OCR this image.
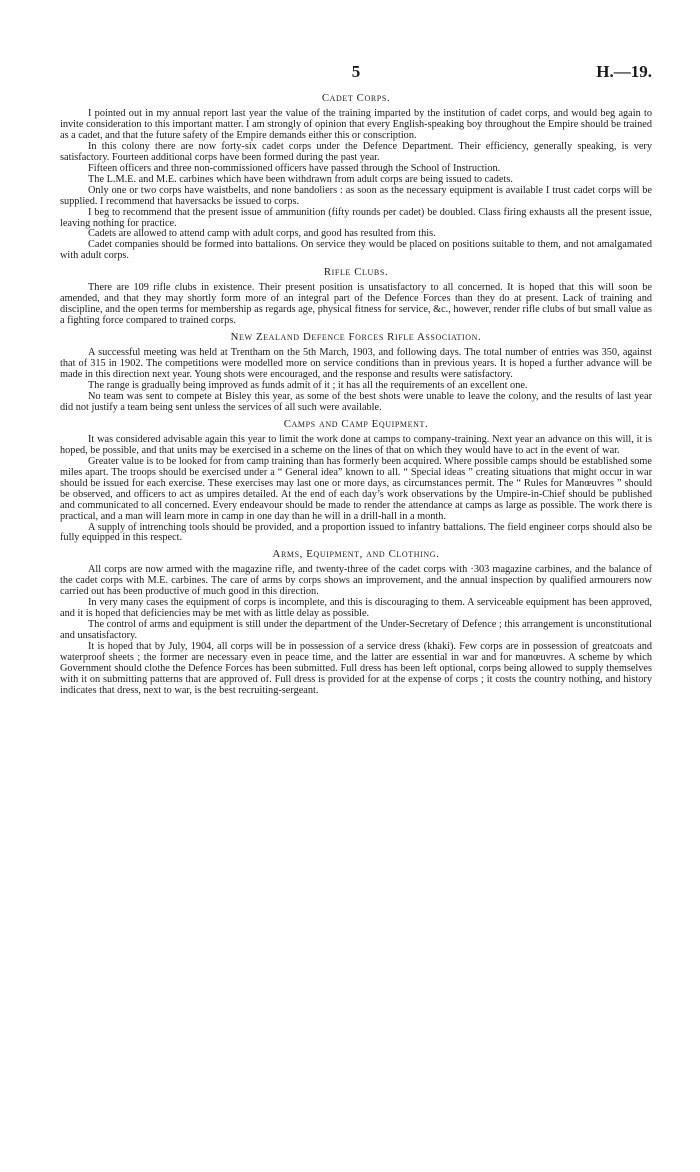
5	H.—19.
Cadet Corps.

I pointed out in my annual report last year the value of the training imparted by the institution of cadet corps, and would beg again to invite consideration to this important matter. I am strongly of opinion that every English-speaking boy throughout the Empire should be trained as a cadet, and that the future safety of the Empire demands either this or conscription.

In this colony there are now forty-six cadet corps under the Defence Department. Their efficiency, generally speaking, is very satisfactory. Fourteen additional corps have been formed during the past year.

Fifteen officers and three non-commissioned officers have passed through the School of Instruction.

The L.M.E. and M.E. carbines which have been withdrawn from adult corps are being issued to cadets.

Only one or two corps have waistbelts, and none bandoliers : as soon as the necessary equipment is available I trust cadet corps will be supplied. I recommend that haversacks be issued to corps.

I beg to recommend that the present issue of ammunition (fifty rounds per cadet) be doubled. Class firing exhausts all the present issue, leaving nothing for practice.

Cadets are allowed to attend camp with adult corps, and good has resulted from this.

Cadet companies should be formed into battalions. On service they would be placed on positions suitable to them, and not amalgamated with adult corps.

Rifle Clubs.

There are 109 rifle clubs in existence. Their present position is unsatisfactory to all concerned. It is hoped that this will soon be amended, and that they may shortly form more of an integral part of the Defence Forces than they do at present. Lack of training and discipline, and the open terms for membership as regards age, physical fitness for service, &c., however, render rifle clubs of but small value as a fighting force compared to trained corps.

New Zealand Defence Forces Rifle Association.

A successful meeting was held at Trentham on the 5th March, 1903, and following days. The total number of entries was 350, against that of 315 in 1902. The competitions were modelled more on service conditions than in previous years. It is hoped a further advance will be made in this direction next year. Young shots were encouraged, and the response and results were satisfactory.

The range is gradually being improved as funds admit of it ; it has all the requirements of an excellent one.

No team was sent to compete at Bisley this year, as some of the best shots were unable to leave the colony, and the results of last year did not justify a team being sent unless the services of all such were available.

Camps and Camp Equipment.

It was considered advisable again this year to limit the work done at camps to company-training. Next year an advance on this will, it is hoped, be possible, and that units may be exercised in a scheme on the lines of that on which they would have to act in the event of war.

Greater value is to be looked for from camp training than has formerly been acquired. Where possible camps should be established some miles apart. The troops should be exercised under a “ General idea” known to all. “ Special ideas ” creating situations that might occur in war should be issued for each exercise. These exercises may last one or more days, as circumstances permit. The “ Rules for Manœuvres ” should be observed, and officers to act as umpires detailed. At the end of each day’s work observations by the Umpire-in-Chief should be published and communicated to all concerned. Every endeavour should be made to render the attendance at camps as large as possible. The work there is practical, and a man will learn more in camp in one day than he will in a drill-hall in a month.

A supply of intrenching tools should be provided, and a proportion issued to infantry battalions. The field engineer corps should also be fully equipped in this respect.

Arms, Equipment, and Clothing.

All corps are now armed with the magazine rifle, and twenty-three of the cadet corps with ·303 magazine carbines, and the balance of the cadet corps with M.E. carbines. The care of arms by corps shows an improvement, and the annual inspection by qualified armourers now carried out has been productive of much good in this direction.

In very many cases the equipment of corps is incomplete, and this is discouraging to them. A serviceable equipment has been approved, and it is hoped that deficiencies may be met with as little delay as possible.

The control of arms and equipment is still under the department of the Under-Secretary of Defence ; this arrangement is unconstitutional and unsatisfactory.

It is hoped that by July, 1904, all corps will be in possession of a service dress (khaki). Few corps are in possession of greatcoats and waterproof sheets ; the former are necessary even in peace time, and the latter are essential in war and for manœuvres. A scheme by which Government should clothe the Defence Forces has been submitted. Full dress has been left optional, corps being allowed to supply themselves with it on submitting patterns that are approved of. Full dress is provided for at the expense of corps ; it costs the country nothing, and history indicates that dress, next to war, is the best recruiting-sergeant.
